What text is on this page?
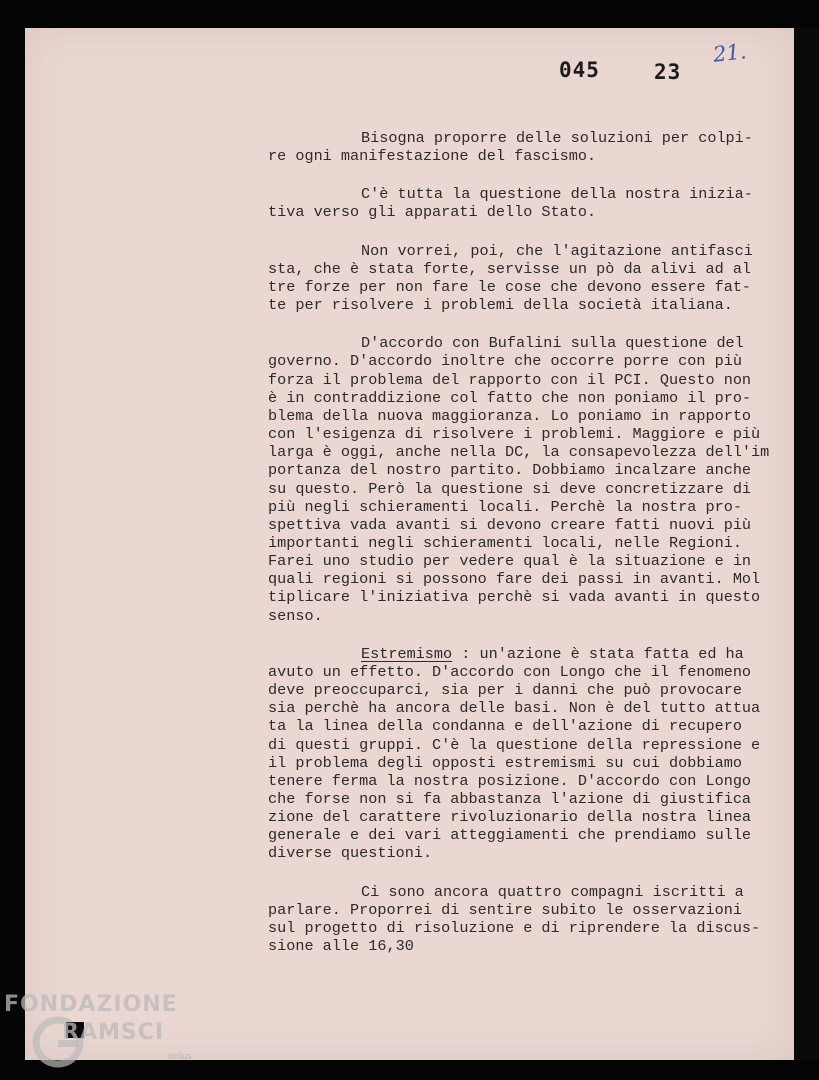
045	23
21.

Bisogna proporre delle soluzioni per colpi-
re ogni manifestazione del fascismo.

C'è tutta la questione della nostra inizia-
tiva verso gli apparati dello Stato.

Non vorrei, poi, che l'agitazione antifasci
sta, che è stata forte, servisse un pò da alivi ad al
tre forze per non fare le cose che devono essere fat-
te per risolvere i problemi della società italiana.

D'accordo con Bufalini sulla questione del
governo. D'accordo inoltre che occorre porre con più
forza il problema del rapporto con il PCI. Questo non
è in contraddizione col fatto che non poniamo il pro-
blema della nuova maggioranza. Lo poniamo in rapporto
con l'esigenza di risolvere i problemi. Maggiore e più
larga è oggi, anche nella DC, la consapevolezza dell'im
portanza del nostro partito. Dobbiamo incalzare anche
su questo. Però la questione si deve concretizzare di
più negli schieramenti locali. Perchè la nostra pro-
spettiva vada avanti si devono creare fatti nuovi più
importanti negli schieramenti locali, nelle Regioni.
Farei uno studio per vedere qual è la situazione e in
quali regioni si possono fare dei passi in avanti. Mol
tiplicare l'iniziativa perchè si vada avanti in questo
senso.

Estremismo : un'azione è stata fatta ed ha
avuto un effetto. D'accordo con Longo che il fenomeno
deve preoccuparci, sia per i danni che può provocare
sia perchè ha ancora delle basi. Non è del tutto attua
ta la linea della condanna e dell'azione di recupero
di questi gruppi. C'è la questione della repressione e
il problema degli opposti estremismi su cui dobbiamo
tenere ferma la nostra posizione. D'accordo con Longo
che forse non si fa abbastanza l'azione di giustifica
zione del carattere rivoluzionario della nostra linea
generale e dei vari atteggiamenti che prendiamo sulle
diverse questioni.

Ci sono ancora quattro compagni iscritti a
parlare. Proporrei di sentire subito le osservazioni
sul progetto di risoluzione e di riprendere la discus-
sione alle 16,30

FONDAZIONE
RAMSCI
onlus
